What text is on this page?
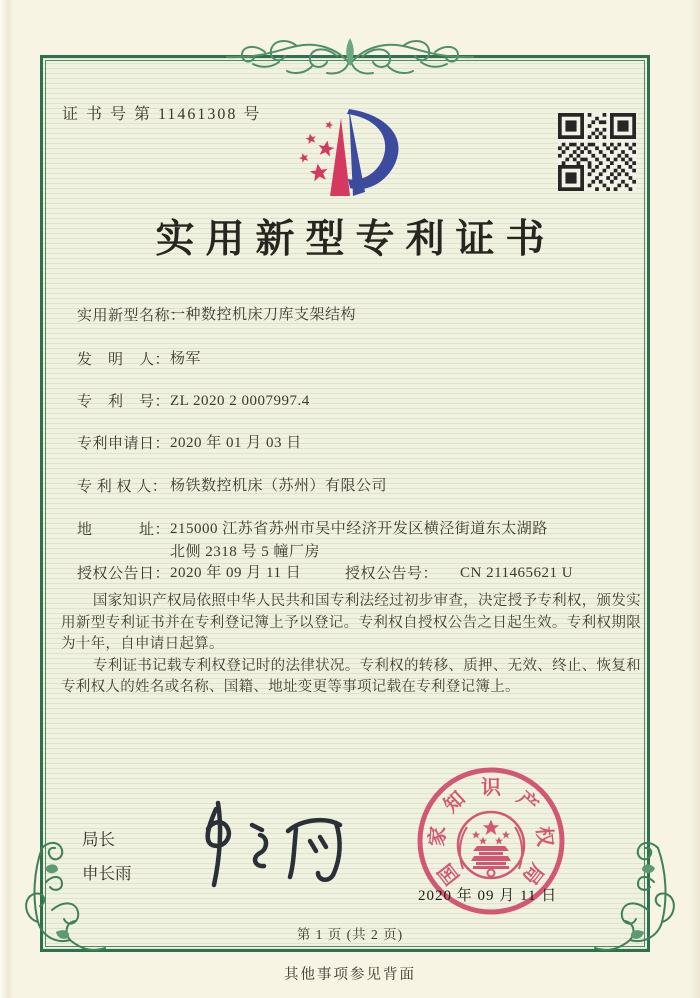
证 书 号 第 11461308 号
实用新型专利证书
实用新型名称：
一种数控机床刀库支架结构
发　明　人： 杨军
专　利　号： ZL 2020 2 0007997.4
专利申请日： 2020 年 01 月 03 日
专 利 权 人： 杨铁数控机床（苏州）有限公司
地　　　址： 215000 江苏省苏州市吴中经济开发区横泾街道东太湖路
北侧 2318 号 5 幢厂房
授权公告日： 2020 年 09 月 11 日	授权公告号： CN 211465621 U

国家知识产权局依照中华人民共和国专利法经过初步审查，决定授予专利权，颁发实用新型专利证书并在专利登记簿上予以登记。专利权自授权公告之日起生效。专利权期限为十年，自申请日起算。

专利证书记载专利权登记时的法律状况。专利权的转移、质押、无效、终止、恢复和专利权人的姓名或名称、国籍、地址变更等事项记载在专利登记簿上。

局长
申长雨	国
家
知 识 产
权
局
2020 年 09 月 11 日
第 1 页 (共 2 页)
其他事项参见背面
